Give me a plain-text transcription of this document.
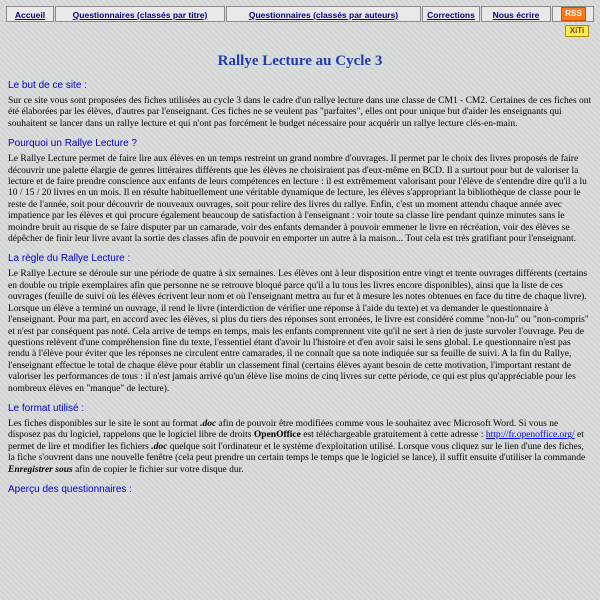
Accueil	Questionnaires (classés par titre)	Questionnaires (classés par auteurs)	Corrections	Nous écrire	RSS
XiTi
Rallye Lecture au Cycle 3
Le but de ce site :

Sur ce site vous sont proposées des fiches utilisées au cycle 3 dans le cadre d'un rallye lecture dans une classe de CM1 - CM2. Certaines de ces fiches ont été élaborées par les élèves, d'autres par l'enseignant. Ces fiches ne se veulent pas "parfaites", elles ont pour unique but d'aider les enseignants qui souhaitent se lancer dans un rallye lecture et qui n'ont pas forcément le budget nécessaire pour acquérir un rallye lecture clés-en-main.

Pourquoi un Rallye Lecture ?

Le Rallye Lecture permet de faire lire aux élèves en un temps restreint un grand nombre d'ouvrages. Il permet par le choix des livres proposés de faire découvrir une palette élargie de genres littéraires différents que les élèves ne choisiraient pas d'eux-même en BCD. Il a surtout pour but de valoriser la lecture et de faire prendre conscience aux enfants de leurs compétences en lecture : il est extrêmement valorisant pour l'élève de s'entendre dire qu'il a lu 10 / 15 / 20 livres en un mois. Il en résulte habituellement une véritable dynamique de lecture, les élèves s'appropriant la bibliothèque de classe pour le reste de l'année, soit pour découvrir de nouveaux ouvrages, soit pour relire des livres du rallye. Enfin, c'est un moment attendu chaque année avec impatience par les élèves et qui procure également beaucoup de satisfaction à l'enseignant : voir toute sa classe lire pendant quinze minutes sans le moindre bruit au risque de se faire disputer par un camarade, voir des enfants demander à pouvoir emmener le livre en récréation, voir des élèves se dépêcher de finir leur livre avant la sortie des classes afin de pouvoir en emporter un autre à la maison... Tout cela est très gratifiant pour l'enseignant.

La règle du Rallye Lecture :

Le Rallye Lecture se déroule sur une période de quatre à six semaines. Les élèves ont à leur disposition entre vingt et trente ouvrages différents (certains en double ou triple exemplaires afin que personne ne se retrouve bloqué parce qu'il a lu tous les livres encore disponibles), ainsi que la liste de ces ouvrages (feuille de suivi où les élèves écrivent leur nom et où l'enseignant mettra au fur et à mesure les notes obtenues en face du titre de chaque livre). Lorsque un élève a terminé un ouvrage, il rend le livre (interdiction de vérifier une réponse à l'aide du texte) et va demander le questionnaire à l'enseignant. Pour ma part, en accord avec les élèves, si plus du tiers des réponses sont erronées, le livre est considéré comme "non-lu" ou "non-compris" et n'est par conséquent pas noté. Cela arrive de temps en temps, mais les enfants comprennent vite qu'il ne sert à rien de juste survoler l'ouvrage. Peu de questions relèvent d'une compréhension fine du texte, l'essentiel étant d'avoir lu l'histoire et d'en avoir saisi le sens global. Le questionnaire n'est pas rendu à l'élève pour éviter que les réponses ne circulent entre camarades, il ne connaît que sa note indiquée sur sa feuille de suivi. A la fin du Rallye, l'enseignant effectue le total de chaque élève pour établir un classement final (certains élèves ayant besoin de cette motivation, l'important restant de valoriser les performances de tous : il n'est jamais arrivé qu'un élève lise moins de cinq livres sur cette période, ce qui est plus qu'appréciable pour les nombreux élèves en "manque" de lecture).

Le format utilisé :

Les fiches disponibles sur le site le sont au format .doc afin de pouvoir être modifiées comme vous le souhaitez avec Microsoft Word. Si vous ne disposez pas du logiciel, rappelons que le logiciel libre de droits OpenOffice est téléchargeable gratuitement à cette adresse : http://fr.openoffice.org/ et permet de lire et modifier les fichiers .doc quelque soit l'ordinateur et le système d'exploitation utilisé. Lorsque vous cliquez sur le lien d'une des fiches, la fiche s'ouvrent dans une nouvelle fenêtre (cela peut prendre un certain temps le temps que le logiciel se lance), il suffit ensuite d'utiliser la commande Enregistrer sous afin de copier le fichier sur votre disque dur.

Aperçu des questionnaires :
